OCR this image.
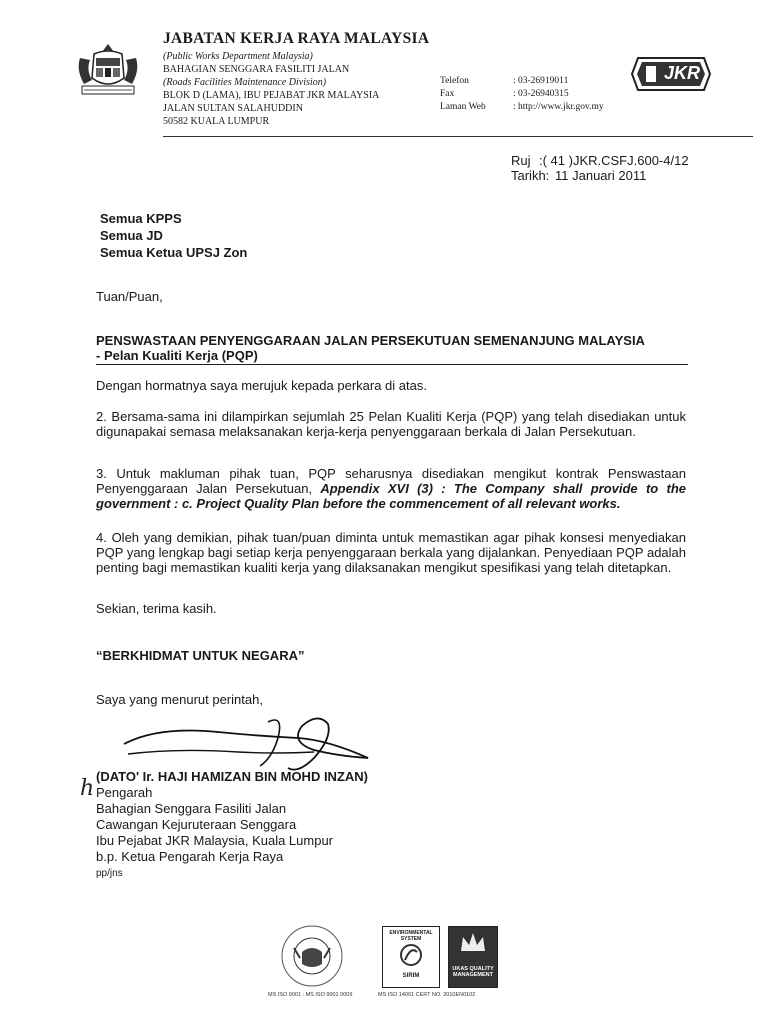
JABATAN KERJA RAYA MALAYSIA
(Public Works Department Malaysia)
BAHAGIAN SENGGARA FASILITI JALAN
(Roads Facilities Maintenance Division)
BLOK D (LAMA), IBU PEJABAT JKR MALAYSIA
JALAN SULTAN SALAHUDDIN
50582 KUALA LUMPUR
Telefon	: 03-26919011
Fax	: 03-26940315
Laman Web	: http://www.jkr.gov.my
JKR
Ruj :( 41 )JKR.CSFJ.600-4/12
Tarikh: 11 Januari 2011
Semua KPPS
Semua JD
Semua Ketua UPSJ Zon
Tuan/Puan,
PENSWASTAAN PENYENGGARAAN JALAN PERSEKUTUAN SEMENANJUNG MALAYSIA
- Pelan Kualiti Kerja (PQP)
Dengan hormatnya saya merujuk kepada perkara di atas.
2. Bersama-sama ini dilampirkan sejumlah 25 Pelan Kualiti Kerja (PQP) yang telah disediakan untuk digunapakai semasa melaksanakan kerja-kerja penyenggaraan berkala di Jalan Persekutuan.
3. Untuk makluman pihak tuan, PQP seharusnya disediakan mengikut kontrak Penswastaan Penyenggaraan Jalan Persekutuan, Appendix XVI (3) : The Company shall provide to the government : c. Project Quality Plan before the commencement of all relevant works.
4. Oleh yang demikian, pihak tuan/puan diminta untuk memastikan agar pihak konsesi menyediakan PQP yang lengkap bagi setiap kerja penyenggaraan berkala yang dijalankan. Penyediaan PQP adalah penting bagi memastikan kualiti kerja yang dilaksanakan mengikut spesifikasi yang telah ditetapkan.
Sekian, terima kasih.
“BERKHIDMAT UNTUK NEGARA”
Saya yang menurut perintah,
h (DATO' Ir. HAJI HAMIZAN BIN MOHD INZAN)
Pengarah
Bahagian Senggara Fasiliti Jalan
Cawangan Kejuruteraan Senggara
Ibu Pejabat JKR Malaysia, Kuala Lumpur
b.p. Ketua Pengarah Kerja Raya
pp/jns
MS ISO 9001 : MS ISO 9001 0009
ENVIRONMENTAL SYSTEM
SIRIM
UKAS QUALITY MANAGEMENT
MS ISO 14001 CERT NO. 2010EN0102
